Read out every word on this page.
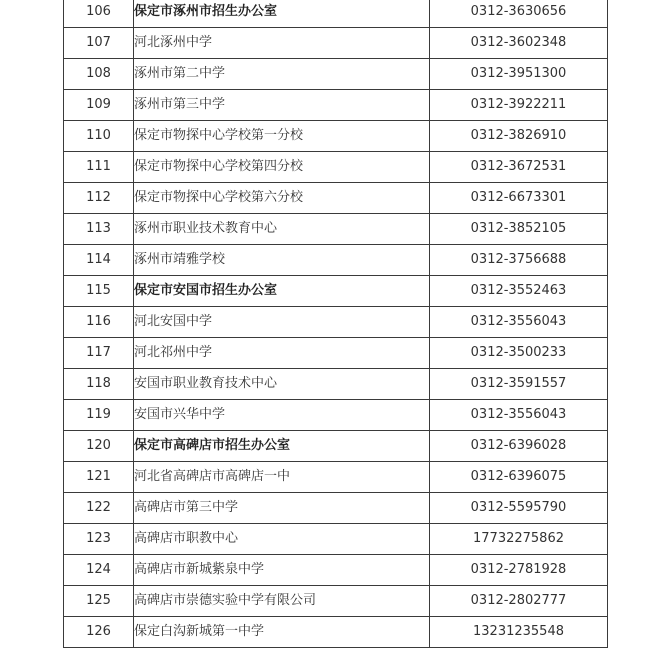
106	保定市涿州市招生办公室	0312-3630656
107	河北涿州中学	0312-3602348
108	涿州市第二中学	0312-3951300
109	涿州市第三中学	0312-3922211
110	保定市物探中心学校第一分校	0312-3826910
111	保定市物探中心学校第四分校	0312-3672531
112	保定市物探中心学校第六分校	0312-6673301
113	涿州市职业技术教育中心	0312-3852105
114	涿州市靖雅学校	0312-3756688
115	保定市安国市招生办公室	0312-3552463
116	河北安国中学	0312-3556043
117	河北祁州中学	0312-3500233
118	安国市职业教育技术中心	0312-3591557
119	安国市兴华中学	0312-3556043
120	保定市高碑店市招生办公室	0312-6396028
121	河北省高碑店市高碑店一中	0312-6396075
122	高碑店市第三中学	0312-5595790
123	高碑店市职教中心	17732275862
124	高碑店市新城紫泉中学	0312-2781928
125	高碑店市崇德实验中学有限公司	0312-2802777
126	保定白沟新城第一中学	13231235548
